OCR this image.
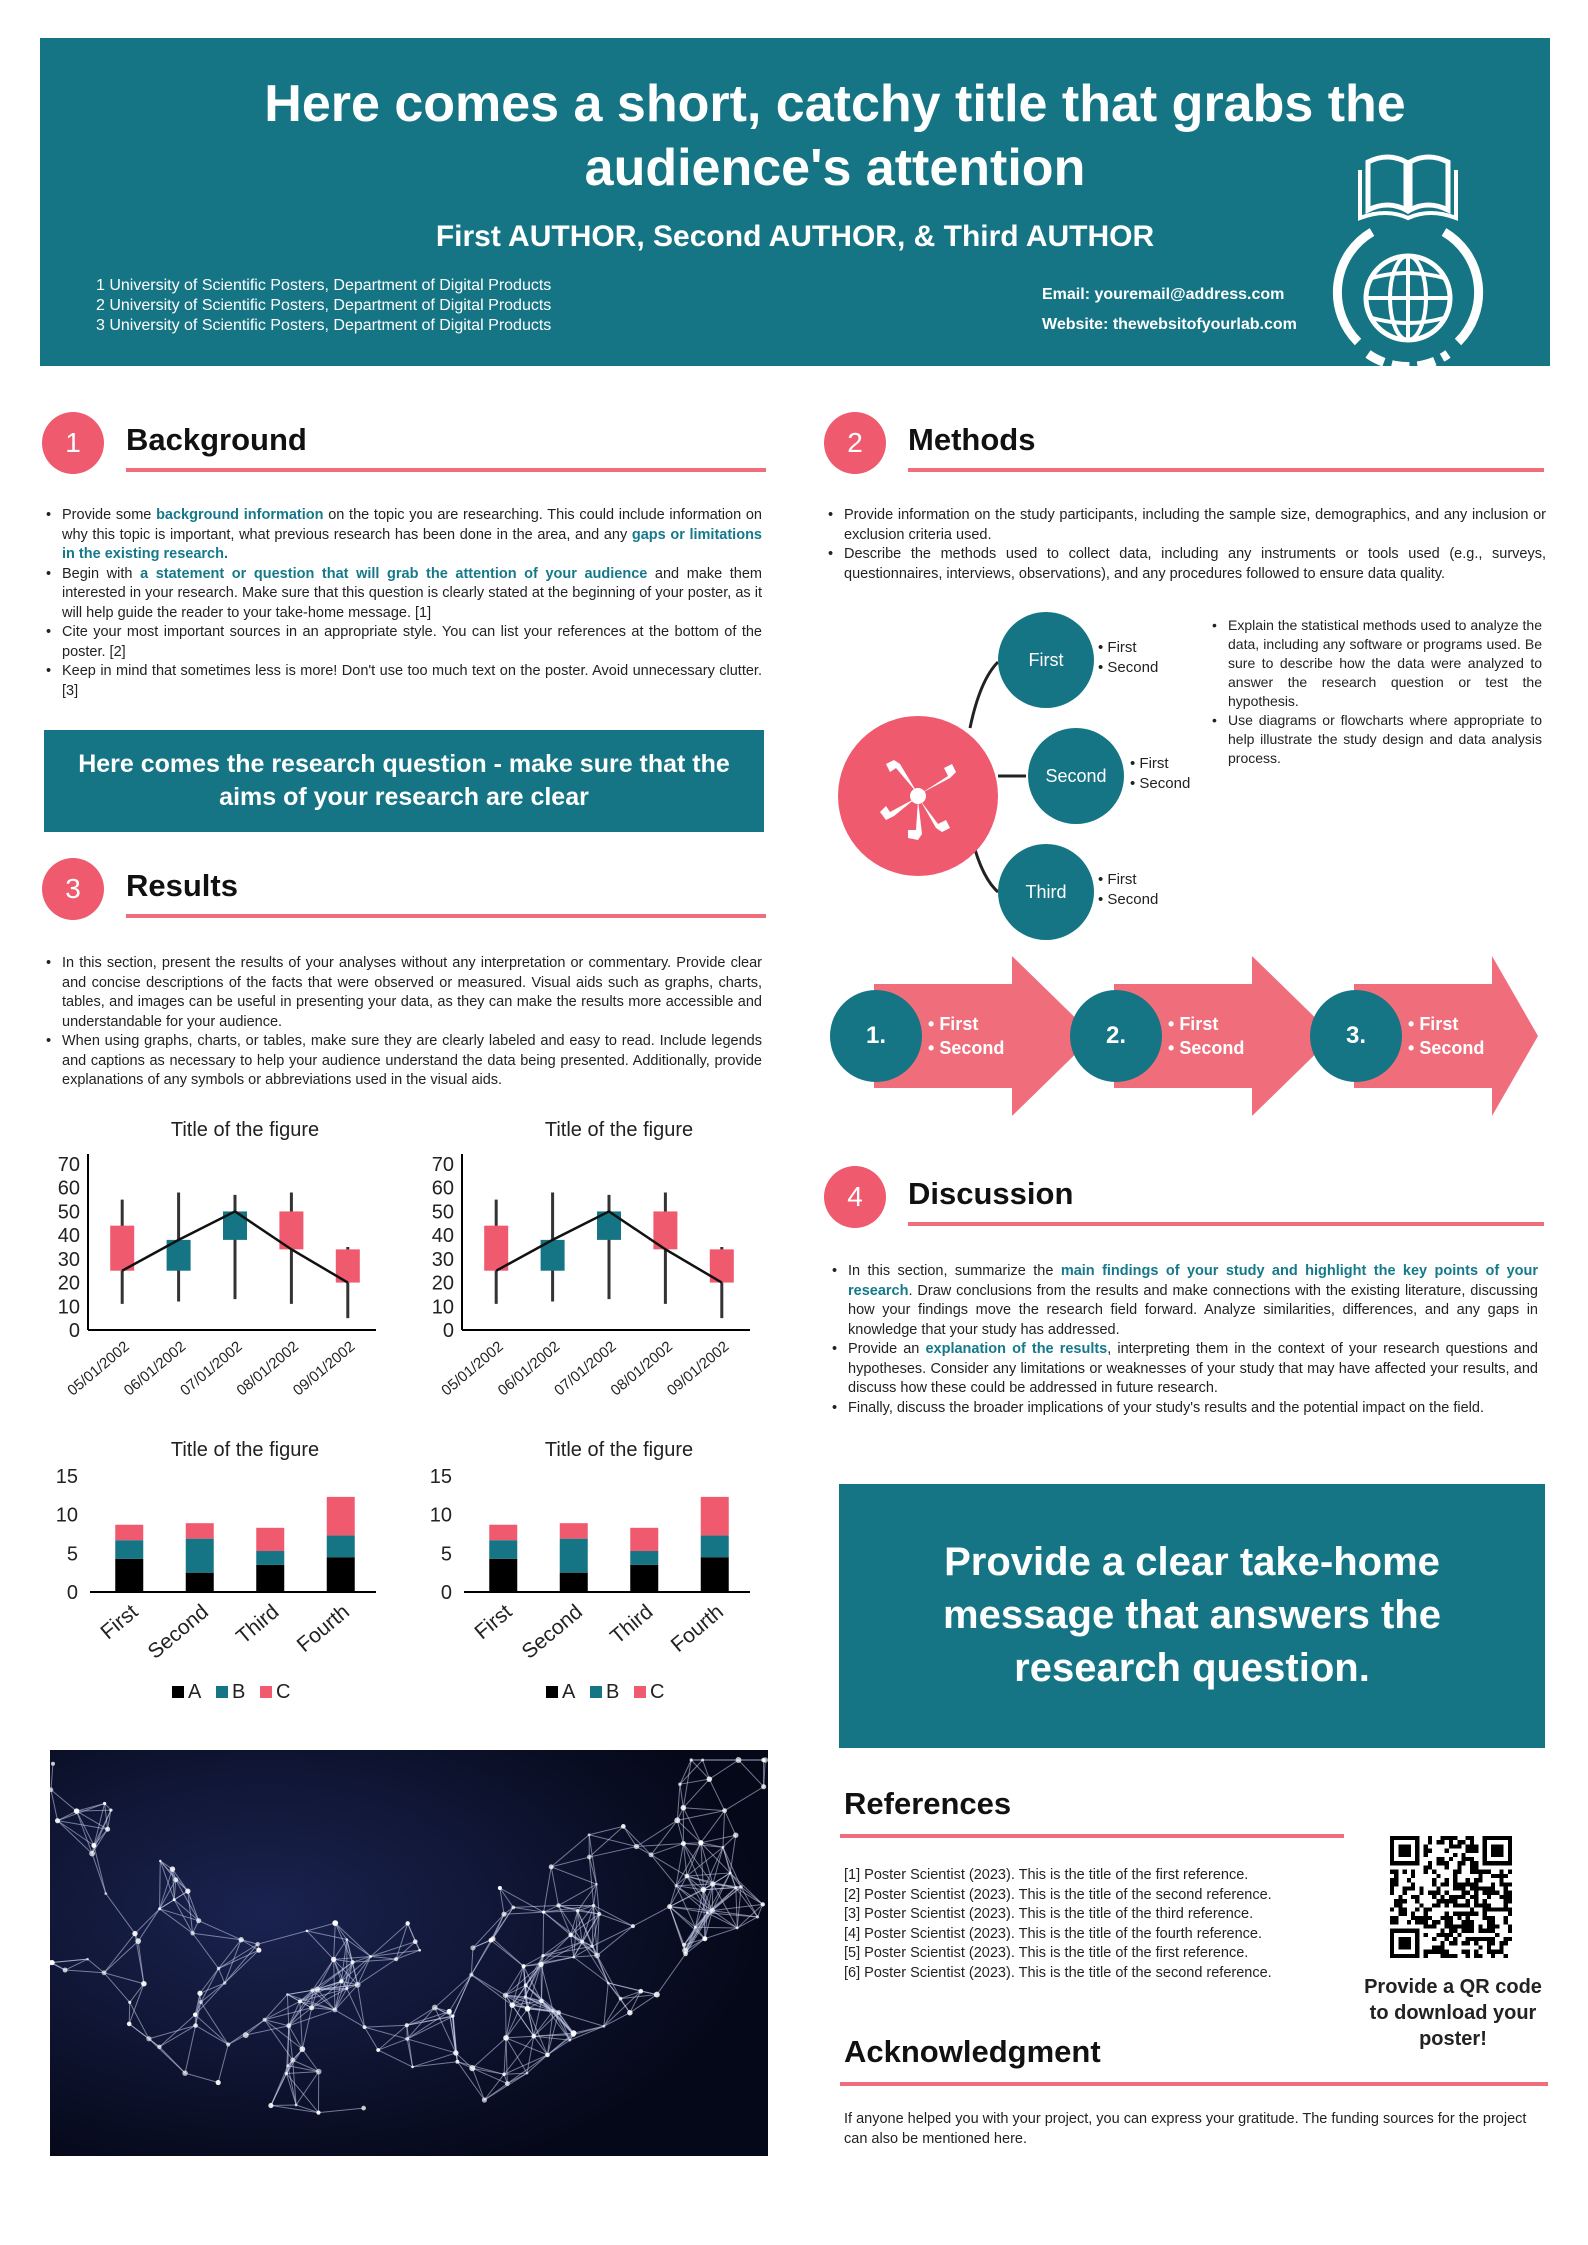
Here comes a short, catchy title that grabs the
audience's attention
First AUTHOR, Second AUTHOR, & Third AUTHOR
1 University of Scientific Posters, Department of Digital Products
2 University of Scientific Posters, Department of Digital Products
3 University of Scientific Posters, Department of Digital Products
Email: youremail@address.com
Website: thewebsitofyourlab.com
1	Background
• Provide some background information on the topic you are researching. This could include information on why this topic is important, what previous research has been done in the area, and any gaps or limitations in the existing research.
• Begin with a statement or question that will grab the attention of your audience and make them interested in your research. Make sure that this question is clearly stated at the beginning of your poster, as it will help guide the reader to your take-home message. [1]
• Cite your most important sources in an appropriate style. You can list your references at the bottom of the poster. [2]
• Keep in mind that sometimes less is more! Don't use too much text on the poster. Avoid unnecessary clutter. [3]
Here comes the research question - make sure that the
aims of your research are clear
3	Results
• In this section, present the results of your analyses without any interpretation or commentary. Provide clear and concise descriptions of the facts that were observed or measured. Visual aids such as graphs, charts, tables, and images can be useful in presenting your data, as they can make the results more accessible and understandable for your audience.
• When using graphs, charts, or tables, make sure they are clearly labeled and easy to read. Include legends and captions as necessary to help your audience understand the data being presented. Additionally, provide explanations of any symbols or abbreviations used in the visual aids.
Title of the figure
0
10
20
30
40
50
60
70
05/01/2002
06/01/2002
07/01/2002
08/01/2002
09/01/2002
Title of the figure
0
10
20
30
40
50
60
70
05/01/2002
06/01/2002
07/01/2002
08/01/2002
09/01/2002
Title of the figure
0
5
10
15
First Second Third Fourth
A B C
Title of the figure
0
5
10
15
First Second Third Fourth
A B C
2	Methods
• Provide information on the study participants, including the sample size, demographics, and any inclusion or exclusion criteria used.
• Describe the methods used to collect data, including any instruments or tools used (e.g., surveys, questionnaires, interviews, observations), and any procedures followed to ensure data quality.
First
• First
• Second
Second
• First
• Second
Third
• First
• Second
• Explain the statistical methods used to analyze the data, including any software or programs used. Be sure to describe how the data were analyzed to answer the research question or test the hypothesis.
• Use diagrams or flowcharts where appropriate to help illustrate the study design and data analysis process.
1.	• First
• Second	2.	• First
• Second	3.	• First
• Second
4	Discussion
• In this section, summarize the main findings of your study and highlight the key points of your research. Draw conclusions from the results and make connections with the existing literature, discussing how your findings move the research field forward. Analyze similarities, differences, and any gaps in knowledge that your study has addressed.
• Provide an explanation of the results, interpreting them in the context of your research questions and hypotheses. Consider any limitations or weaknesses of your study that may have affected your results, and discuss how these could be addressed in future research.
• Finally, discuss the broader implications of your study's results and the potential impact on the field.
Provide a clear take-home
message that answers the
research question.
References
[1] Poster Scientist (2023). This is the title of the first reference.
[2] Poster Scientist (2023). This is the title of the second reference.
[3] Poster Scientist (2023). This is the title of the third reference.
[4] Poster Scientist (2023). This is the title of the fourth reference.
[5] Poster Scientist (2023). This is the title of the first reference.
[6] Poster Scientist (2023). This is the title of the second reference.
Provide a QR code
to download your
poster!
Acknowledgment
If anyone helped you with your project, you can express your gratitude. The funding sources for the project can also be mentioned here.
